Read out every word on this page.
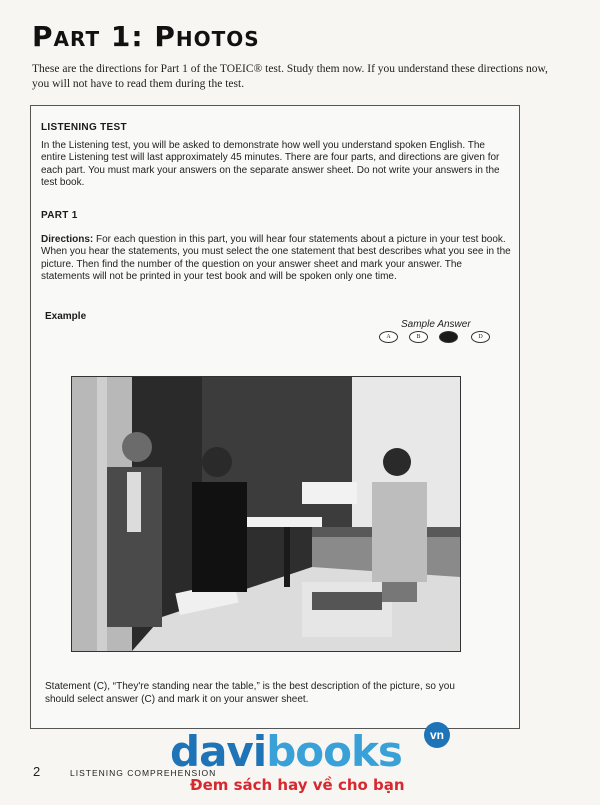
Part 1: Photos

These are the directions for Part 1 of the TOEIC® test. Study them now. If you understand these directions now, you will not have to read them during the test.

LISTENING TEST

In the Listening test, you will be asked to demonstrate how well you understand spoken English. The entire Listening test will last approximately 45 minutes. There are four parts, and directions are given for each part. You must mark your answers on the separate answer sheet. Do not write your answers in the test book.

PART 1

Directions: For each question in this part, you will hear four statements about a picture in your test book. When you hear the statements, you must select the one statement that best describes what you see in the picture. Then find the number of the question on your answer sheet and mark your answer. The statements will not be printed in your test book and will be spoken only one time.

Example

Sample Answer

A	B	C	D

Statement (C), “They're standing near the table,” is the best description of the picture, so you should select answer (C) and mark it on your answer sheet.

2	LISTENING COMPREHENSION

davibooks	vn

Đem sách hay về cho bạn
